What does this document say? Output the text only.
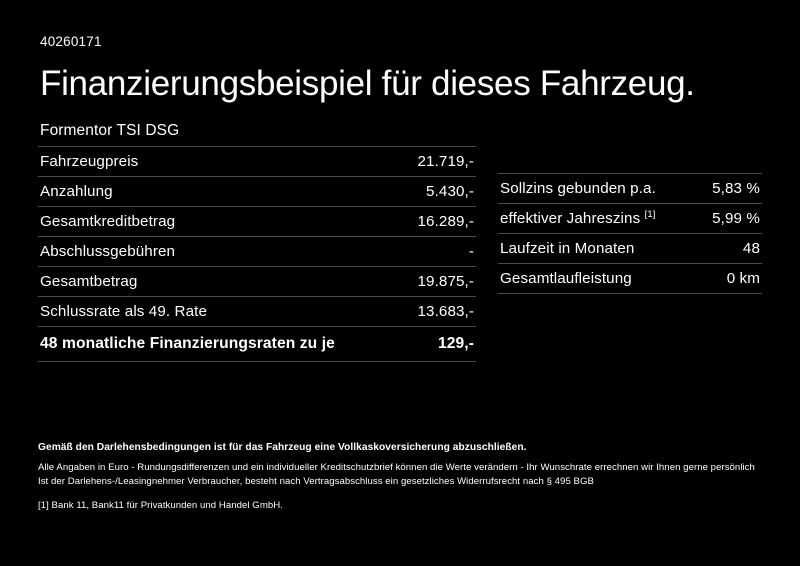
40260171
Finanzierungsbeispiel für dieses Fahrzeug.
Formentor TSI DSG
Fahrzeugpreis	21.719,-
Anzahlung	5.430,-
Gesamtkreditbetrag	16.289,-
Abschlussgebühren	-
Gesamtbetrag	19.875,-
Schlussrate als 49. Rate	13.683,-
48 monatliche Finanzierungsraten zu je	129,-
Sollzins gebunden p.a.	5,83 %
effektiver Jahreszins [1]	5,99 %
Laufzeit in Monaten	48
Gesamtlaufleistung	0 km

Gemäß den Darlehensbedingungen ist für das Fahrzeug eine Vollkaskoversicherung abzuschließen.

Alle Angaben in Euro - Rundungsdifferenzen und ein individueller Kreditschutzbrief können die Werte verändern - Ihr Wunschrate errechnen wir Ihnen gerne persönlich

Ist der Darlehens-/Leasingnehmer Verbraucher, besteht nach Vertragsabschluss ein gesetzliches Widerrufsrecht nach § 495 BGB

[1] Bank 11, Bank11 für Privatkunden und Handel GmbH.
